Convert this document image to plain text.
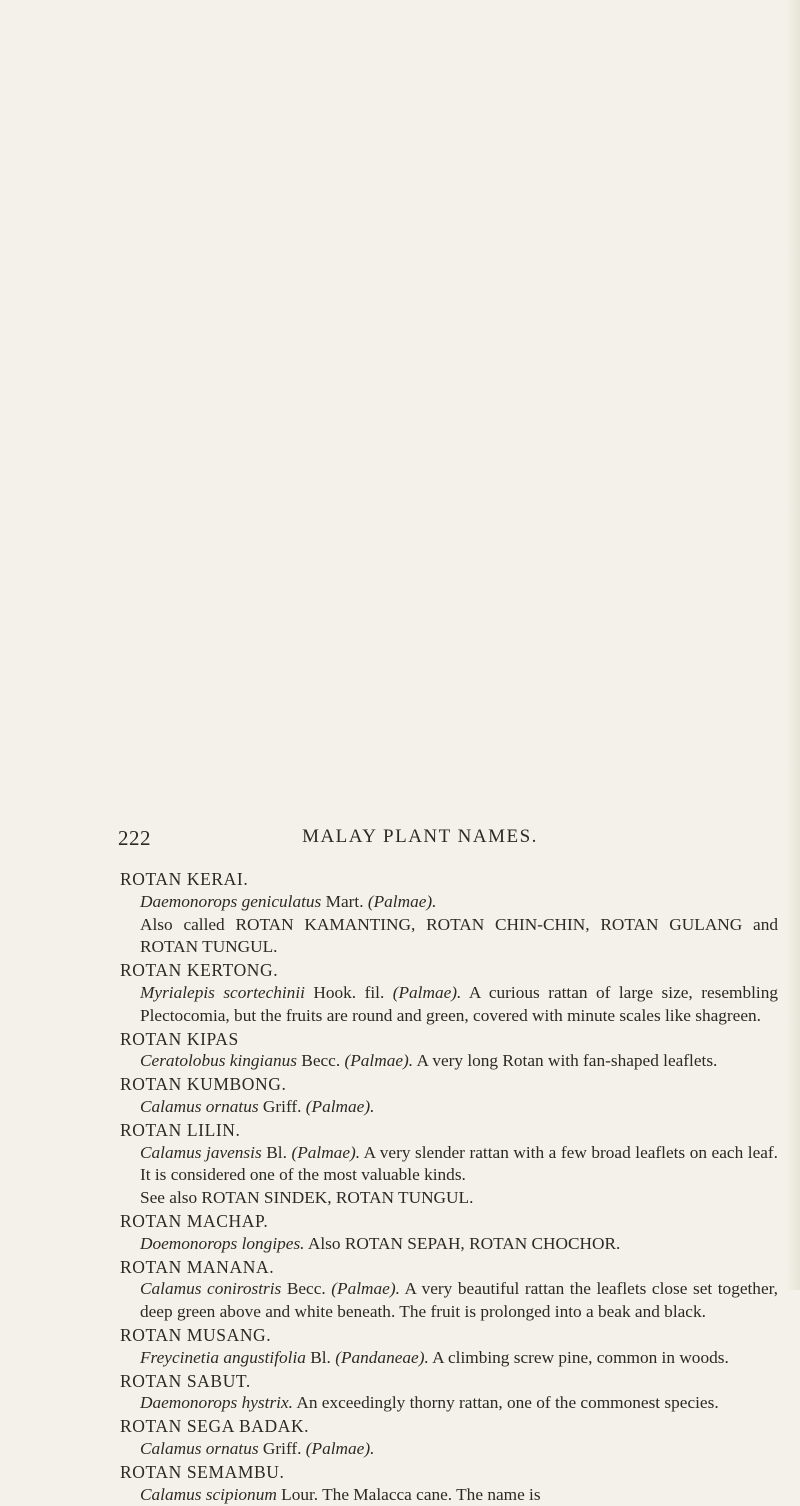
222	MALAY PLANT NAMES.

ROTAN KERAI.

Daemonorops geniculatus Mart. (Palmae).

Also called ROTAN KAMANTING, ROTAN CHIN-CHIN, ROTAN GULANG and ROTAN TUNGUL.

ROTAN KERTONG.

Myrialepis scortechinii Hook. fil. (Palmae). A curious rattan of large size, resembling Plectocomia, but the fruits are round and green, covered with minute scales like shagreen.

ROTAN KIPAS

Ceratolobus kingianus Becc. (Palmae). A very long Rotan with fan-shaped leaflets.

ROTAN KUMBONG.

Calamus ornatus Griff. (Palmae).

ROTAN LILIN.

Calamus javensis Bl. (Palmae). A very slender rattan with a few broad leaflets on each leaf. It is considered one of the most valuable kinds.

See also ROTAN SINDEK, ROTAN TUNGUL.

ROTAN MACHAP.

Doemonorops longipes. Also ROTAN SEPAH, ROTAN CHOCHOR.

ROTAN MANANA.

Calamus conirostris Becc. (Palmae). A very beautiful rattan the leaflets close set together, deep green above and white beneath. The fruit is prolonged into a beak and black.

ROTAN MUSANG.

Freycinetia angustifolia Bl. (Pandaneae). A climbing screw pine, common in woods.

ROTAN SABUT.

Daemonorops hystrix. An exceedingly thorny rattan, one of the commonest species.

ROTAN SEGA BADAK.

Calamus ornatus Griff. (Palmae).

ROTAN SEMAMBU.

Calamus scipionum Lour. The Malacca cane. The name is
